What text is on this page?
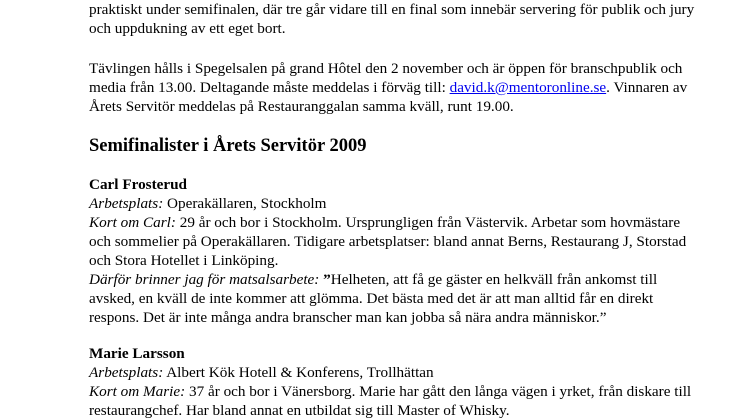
praktiskt under semifinalen, där tre går vidare till en final som innebär servering för publik och jury
och uppdukning av ett eget bort.
Tävlingen hålls i Spegelsalen på grand Hôtel den 2 november och är öppen för branschpublik och
media från 13.00. Deltagande måste meddelas i förväg till: david.k@mentoronline.se. Vinnaren av
Årets Servitör meddelas på Restauranggalan samma kväll, runt 19.00.
Semifinalister i Årets Servitör 2009
Carl Frosterud
Arbetsplats: Operakällaren, Stockholm
Kort om Carl: 29 år och bor i Stockholm. Ursprungligen från Västervik. Arbetar som hovmästare
och sommelier på Operakällaren. Tidigare arbetsplatser: bland annat Berns, Restaurang J, Storstad
och Stora Hotellet i Linköping.
Därför brinner jag för matsalsarbete: ”Helheten, att få ge gäster en helkväll från ankomst till
avsked, en kväll de inte kommer att glömma. Det bästa med det är att man alltid får en direkt
respons. Det är inte många andra branscher man kan jobba så nära andra människor.”
Marie Larsson
Arbetsplats: Albert Kök Hotell & Konferens, Trollhättan
Kort om Marie: 37 år och bor i Vänersborg. Marie har gått den långa vägen i yrket, från diskare till
restaurangchef. Har bland annat en utbildat sig till Master of Whisky.
